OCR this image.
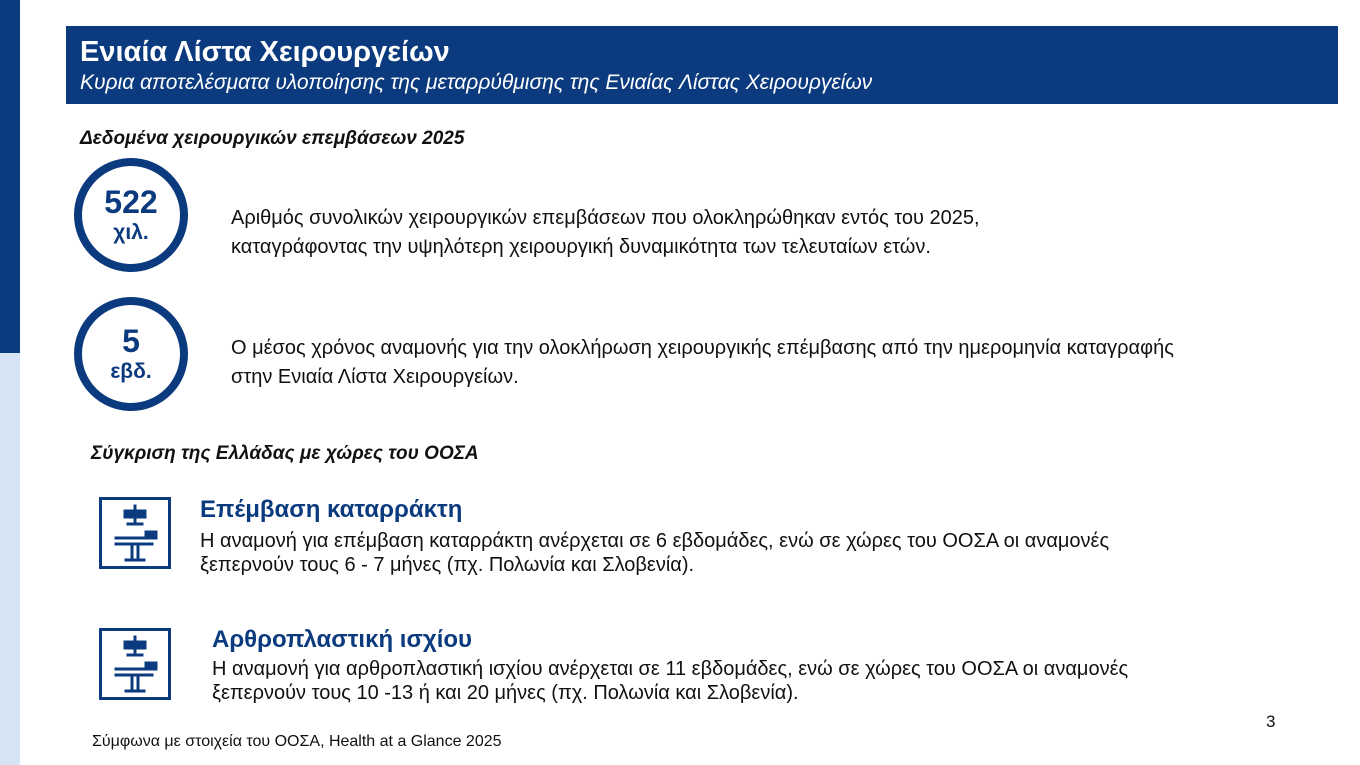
Ενιαία Λίστα Χειρουργείων
Κυρια αποτελέσματα υλοποίησης της μεταρρύθμισης της Ενιαίας Λίστας Χειρουργείων
Δεδομένα χειρουργικών επεμβάσεων 2025
522
χιλ.
Αριθμός συνολικών χειρουργικών επεμβάσεων που ολοκληρώθηκαν εντός του 2025,
καταγράφοντας την υψηλότερη χειρουργική δυναμικότητα των τελευταίων ετών.
5
εβδ.
Ο μέσος χρόνος αναμονής για την ολοκλήρωση χειρουργικής επέμβασης από την ημερομηνία καταγραφής
στην Ενιαία Λίστα Χειρουργείων.
Σύγκριση της Ελλάδας με χώρες του ΟΟΣΑ
Επέμβαση καταρράκτη
Η αναμονή για επέμβαση καταρράκτη ανέρχεται σε 6 εβδομάδες, ενώ σε χώρες του ΟΟΣΑ οι αναμονές
ξεπερνούν τους 6 - 7 μήνες (πχ. Πολωνία και Σλοβενία).
Αρθροπλαστική ισχίου
Η αναμονή για αρθροπλαστική ισχίου ανέρχεται σε 11 εβδομάδες, ενώ σε χώρες του ΟΟΣΑ οι αναμονές
ξεπερνούν τους 10 -13 ή και 20 μήνες (πχ. Πολωνία και Σλοβενία).
3
Σύμφωνα με στοιχεία του ΟΟΣΑ, Health at a Glance 2025
